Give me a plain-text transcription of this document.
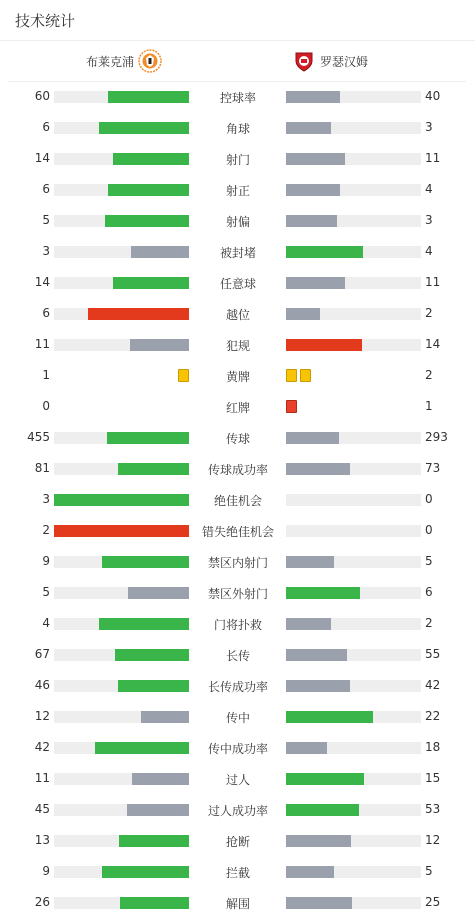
技术统计
布莱克浦	罗瑟汉姆
60	控球率	40
6	角球	3
14	射门	11
6	射正	4
5	射偏	3
3	被封堵	4
14	任意球	11
6	越位	2
11	犯规	14
1	黄牌	2
0	红牌	1
455	传球	293
81	传球成功率	73
3	绝佳机会	0
2	错失绝佳机会	0
9	禁区内射门	5
5	禁区外射门	6
4	门将扑救	2
67	长传	55
46	长传成功率	42
12	传中	22
42	传中成功率	18
11	过人	15
45	过人成功率	53
13	抢断	12
9	拦截	5
26	解围	25
